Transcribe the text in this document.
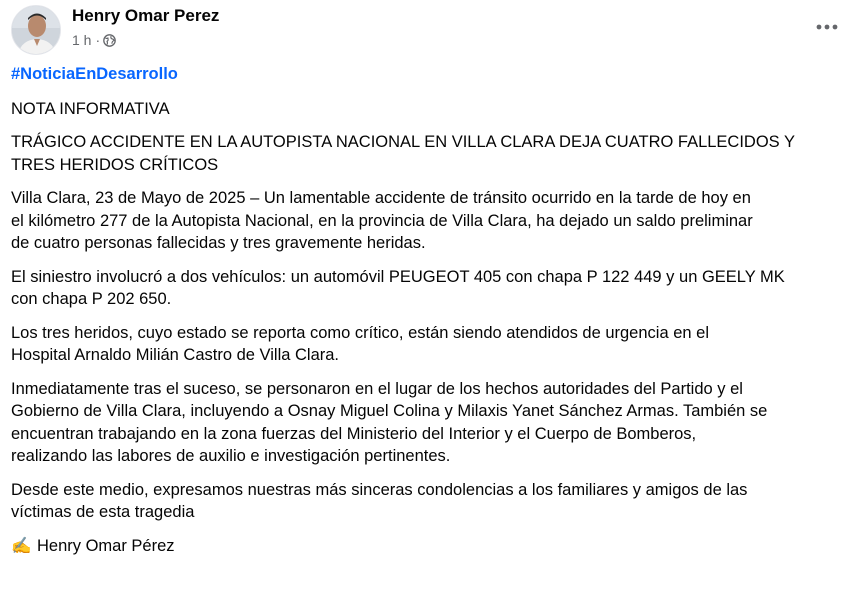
Henry Omar Perez
1 h ·

#NoticiaEnDesarrollo

NOTA INFORMATIVA

TRÁGICO ACCIDENTE EN LA AUTOPISTA NACIONAL EN VILLA CLARA DEJA CUATRO FALLECIDOS Y
TRES HERIDOS CRÍTICOS

Villa Clara, 23 de Mayo de 2025 – Un lamentable accidente de tránsito ocurrido en la tarde de hoy en
el kilómetro 277 de la Autopista Nacional, en la provincia de Villa Clara, ha dejado un saldo preliminar
de cuatro personas fallecidas y tres gravemente heridas.

El siniestro involucró a dos vehículos: un automóvil PEUGEOT 405 con chapa P 122 449 y un GEELY MK
con chapa P 202 650.

Los tres heridos, cuyo estado se reporta como crítico, están siendo atendidos de urgencia en el
Hospital Arnaldo Milián Castro de Villa Clara.

Inmediatamente tras el suceso, se personaron en el lugar de los hechos autoridades del Partido y el
Gobierno de Villa Clara, incluyendo a Osnay Miguel Colina y Milaxis Yanet Sánchez Armas. También se
encuentran trabajando en la zona fuerzas del Ministerio del Interior y el Cuerpo de Bomberos,
realizando las labores de auxilio e investigación pertinentes.

Desde este medio, expresamos nuestras más sinceras condolencias a los familiares y amigos de las
víctimas de esta tragedia

✍️ Henry Omar Pérez
